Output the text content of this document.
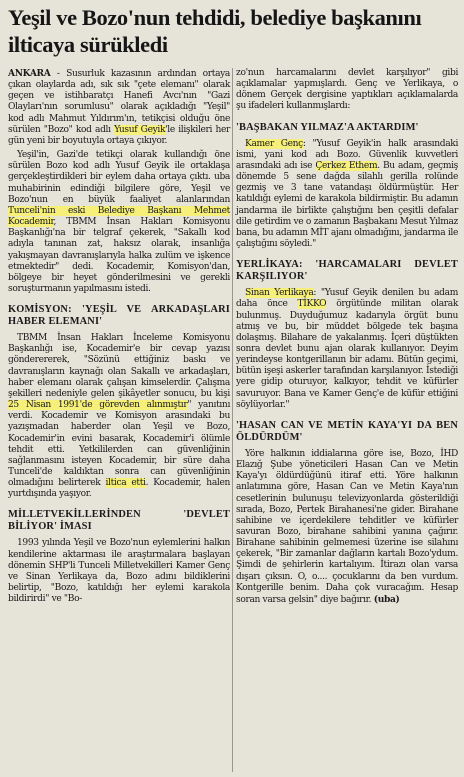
Yeşil ve Bozo'nun tehdidi, belediye başkanını ilticaya sürükledi

ANKARA - Susurluk kazasının ardından ortaya çıkan olaylarda adı, sık sık "çete elemanı" olarak geçen ve istihbaratçı Hanefi Avcı'nın "Gazi Olayları'nın sorumlusu" olarak açıkladığı "Yeşil" kod adlı Mahmut Yıldırım'ın, tetikçisi olduğu öne sürülen "Bozo" kod adlı Yusuf Geyik'le ilişkileri her gün yeni bir boyutuyla ortaya çıkıyor.

Yeşil'in, Gazi'de tetikçi olarak kullandığı öne sürülen Bozo kod adlı Yusuf Geyik ile ortaklaşa gerçekleştirdikleri bir eylem daha ortaya çıktı. uba muhabirinin edindiği bilgilere göre, Yeşil ve Bozo'nun en büyük faaliyet alanlarından Tunceli'nin eski Belediye Başkanı Mehmet Kocademir, TBMM İnsan Hakları Komisyonu Başkanlığı'na bir telgraf çekerek, "Sakallı kod adıyla tanınan zat, haksız olarak, insanlığa yakışmayan davranışlarıyla halka zulüm ve işkence etmektedir" dedi. Kocademir, Komisyon'dan, bölgeye bir heyet gönderilmesini ve gerekli soruşturmanın yapılmasını istedi.

KOMİSYON: 'YEŞİL VE ARKADAŞLARI HABER ELEMANI'

TBMM İnsan Hakları İnceleme Komisyonu Başkanlığı ise, Kocademir'e bir cevap yazısı gönderererek, "Sözünü ettiğiniz baskı ve davranışların kaynağı olan Sakallı ve arkadaşları, haber elemanı olarak çalışan kimselerdir. Çalışma şekilleri nedeniyle gelen şikâyetler sonucu, bu kişi 25 Nisan 1991'de görevden alınmıştır" yanıtını verdi. Kocademir ve Komisyon arasındaki bu yazışmadan haberder olan Yeşil ve Bozo, Kocademir'in evini basarak, Kocademir'i ölümle tehdit etti. Yetkililerden can güvenliğinin sağlanmasını isteyen Kocademir, bir süre daha Tunceli'de kaldıktan sonra can güvenliğinin olmadığını belirterek iltica etti. Kocademir, halen yurtdışında yaşıyor.

MİLLETVEKİLLERİNDEN 'DEVLET BİLİYOR' İMASI

1993 yılında Yeşil ve Bozo'nun eylemlerini halkın kendilerine aktarması ile araştırmalara başlayan dönemin SHP'li Tunceli Milletvekilleri Kamer Genç ve Sinan Yerlikaya da, Bozo adını bildiklerini belirtip, "Bozo, katıldığı her eylemi karakola bildirirdi" ve "Bo-

zo'nun harcamalarını devlet karşılıyor" gibi açıklamalar yapmışlardı. Genç ve Yerlikaya, o dönem Gerçek dergisine yaptıkları açıklamalarda şu ifadeleri kullanmışlardı:

'BAŞBAKAN YILMAZ'A AKTARDIM'

Kamer Genç: "Yusuf Geyik'in halk arasındaki ismi, yani kod adı Bozo. Güvenlik kuvvetleri arasındaki adı ise Çerkez Ethem. Bu adam, geçmiş dönemde 5 sene dağda silahlı gerilla rolünde gezmiş ve 3 tane vatandaşı öldürmüştür. Her katıldığı eylemi de karakola bildirmiştir. Bu adamın jandarma ile birlikte çalıştığını ben çeşitli defalar dile getirdim ve o zamanın Başbakanı Mesut Yılmaz bana, bu adamın MİT ajanı olmadığını, jandarma ile çalıştığını söyledi."

YERLİKAYA: 'HARCAMALARI DEVLET KARŞILIYOR'

Sinan Yerlikaya: "Yusuf Geyik denilen bu adam daha önce TİKKO örgütünde militan olarak bulunmuş. Duyduğumuz kadarıyla örgüt bunu atmış ve bu, bir müddet bölgede tek başına dolaşmış. Bilahare de yakalanmış. İçeri düştükten sonra devlet bunu ajan olarak kullanıyor. Deyim yerindeyse kontgerillanın bir adamı. Bütün geçimi, bütün işeşi askerler tarafından karşılanıyor. İstediği yere gidip oturuyor, kalkıyor, tehdit ve küfürler savuruyor. Bana ve Kamer Genç'e de küfür ettiğini söylüyorlar."

'HASAN CAN VE METİN KAYA'YI DA BEN ÖLDÜRDÜM'

Yöre halkının iddialarına göre ise, Bozo, İHD Elazığ Şube yöneticileri Hasan Can ve Metin Kaya'yı öldürdüğünü itiraf etti. Yöre halkının anlatımına göre, Hasan Can ve Metin Kaya'nın cesetlerinin bulunuşu televizyonlarda gösterildiği sırada, Bozo, Pertek Birahanesi'ne gider. Birahane sahibine ve içerdekilere tehditler ve küfürler savuran Bozo, birahane sahibini yanına çağırır. Birahane sahibinin gelmemesi üzerine ise silahını çekerek, "Bir zamanlar dağların kartalı Bozo'ydum. Şimdi de şehirlerin kartalıyım. İtirazı olan varsa dışarı çıksın. O, o.... çocuklarını da ben vurdum. Kontgerille benim. Daha çok vuracağım. Hesap soran varsa gelsin" diye bağırır. (uba)
